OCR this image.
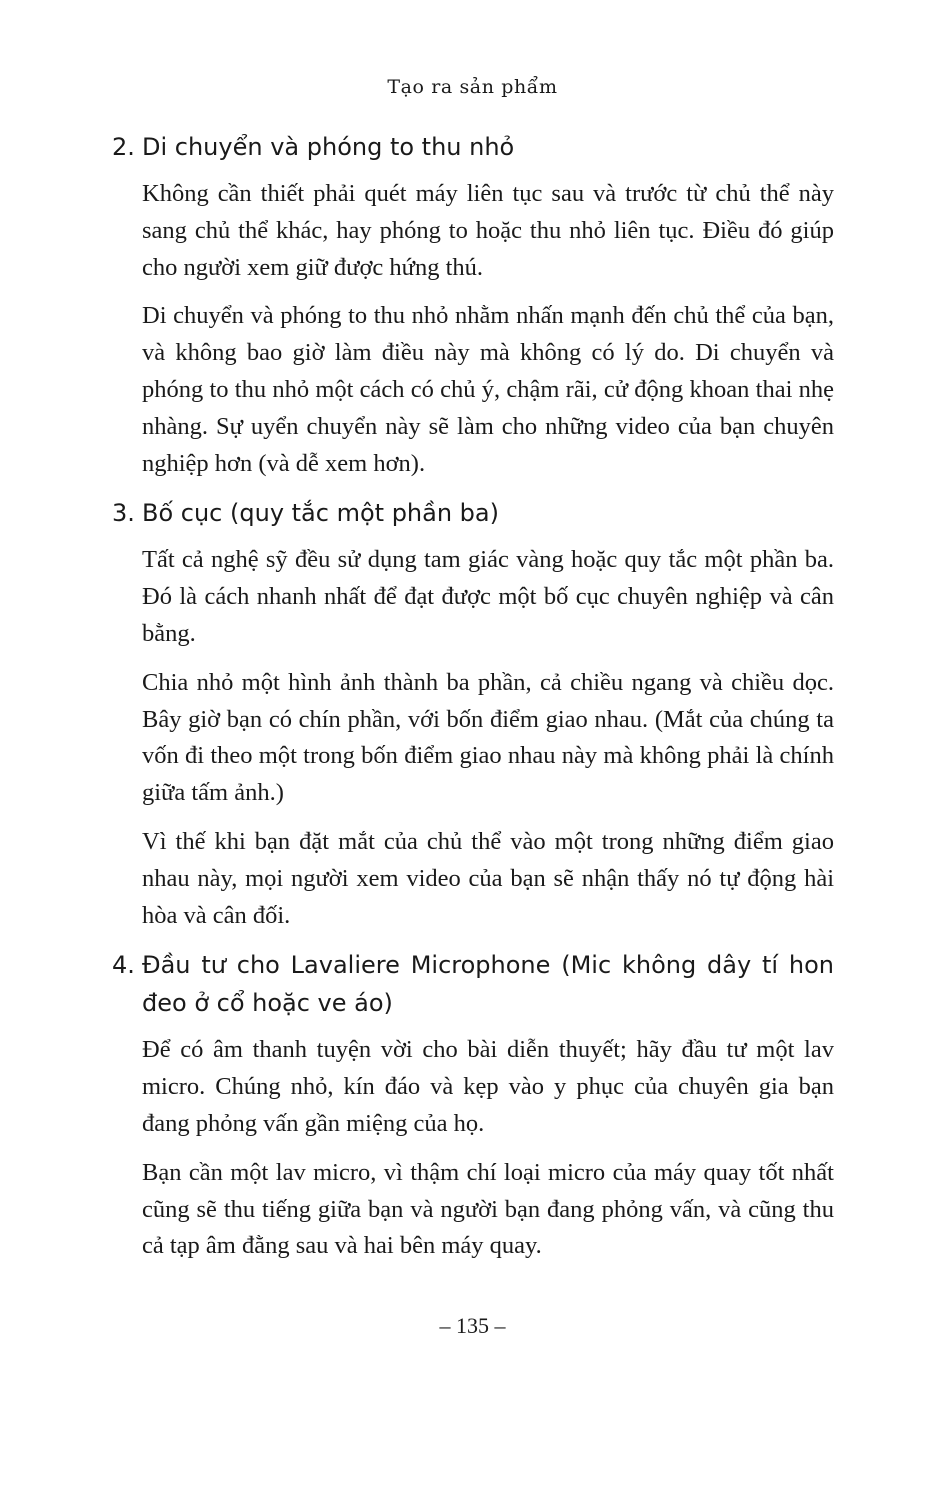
Tạo ra sản phẩm
2. Di chuyển và phóng to thu nhỏ

Không cần thiết phải quét máy liên tục sau và trước từ chủ thể này sang chủ thể khác, hay phóng to hoặc thu nhỏ liên tục. Điều đó giúp cho người xem giữ được hứng thú.

Di chuyển và phóng to thu nhỏ nhằm nhấn mạnh đến chủ thể của bạn, và không bao giờ làm điều này mà không có lý do. Di chuyển và phóng to thu nhỏ một cách có chủ ý, chậm rãi, cử động khoan thai nhẹ nhàng. Sự uyển chuyển này sẽ làm cho những video của bạn chuyên nghiệp hơn (và dễ xem hơn).

3. Bố cục (quy tắc một phần ba)

Tất cả nghệ sỹ đều sử dụng tam giác vàng hoặc quy tắc một phần ba. Đó là cách nhanh nhất để đạt được một bố cục chuyên nghiệp và cân bằng.

Chia nhỏ một hình ảnh thành ba phần, cả chiều ngang và chiều dọc. Bây giờ bạn có chín phần, với bốn điểm giao nhau. (Mắt của chúng ta vốn đi theo một trong bốn điểm giao nhau này mà không phải là chính giữa tấm ảnh.)

Vì thế khi bạn đặt mắt của chủ thể vào một trong những điểm giao nhau này, mọi người xem video của bạn sẽ nhận thấy nó tự động hài hòa và cân đối.

4. Đầu tư cho Lavaliere Microphone (Mic không dây tí hon đeo ở cổ hoặc ve áo)

Để có âm thanh tuyện vời cho bài diễn thuyết; hãy đầu tư một lav micro. Chúng nhỏ, kín đáo và kẹp vào y phục của chuyên gia bạn đang phỏng vấn gần miệng của họ.

Bạn cần một lav micro, vì thậm chí loại micro của máy quay tốt nhất cũng sẽ thu tiếng giữa bạn và người bạn đang phỏng vấn, và cũng thu cả tạp âm đằng sau và hai bên máy quay.

– 135 –
